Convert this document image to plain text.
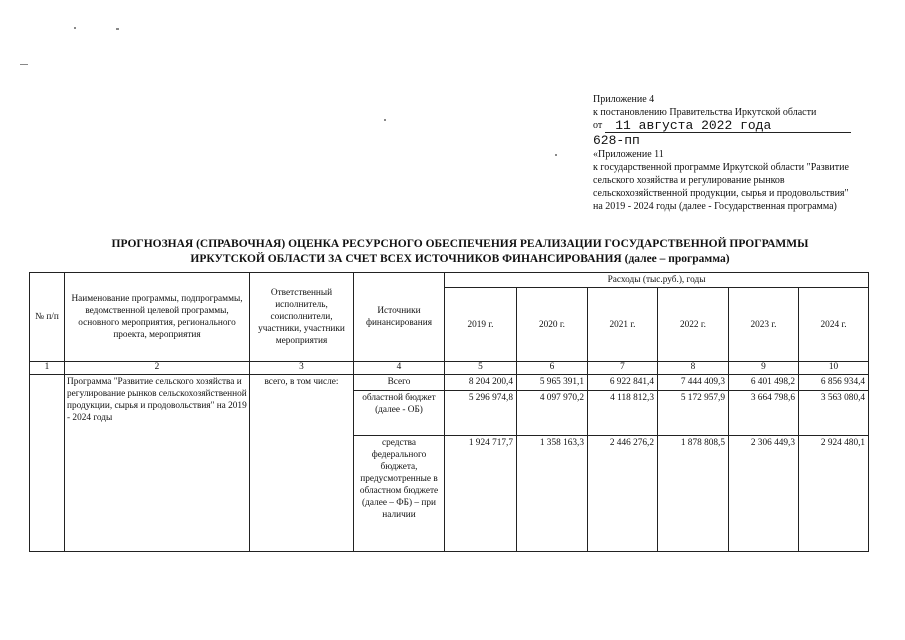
Приложение 4
к постановлению Правительства Иркутской области
от	11 августа 2022 года
628-пп
«Приложение 11
к государственной программе Иркутской области "Развитие сельского хозяйства и регулирование рынков сельскохозяйственной продукции, сырья и продовольствия" на 2019 - 2024 годы (далее - Государственная программа)
ПРОГНОЗНАЯ (СПРАВОЧНАЯ) ОЦЕНКА РЕСУРСНОГО ОБЕСПЕЧЕНИЯ РЕАЛИЗАЦИИ ГОСУДАРСТВЕННОЙ ПРОГРАММЫ
ИРКУТСКОЙ ОБЛАСТИ ЗА СЧЕТ ВСЕХ ИСТОЧНИКОВ ФИНАНСИРОВАНИЯ (далее – программа)
№ п/п	Наименование программы, подпрограммы, ведомственной целевой программы, основного мероприятия, регионального проекта, мероприятия	Ответственный исполнитель, соисполнители, участники, участники мероприятия	Источники финансирования	Расходы (тыс.руб.), годы					
				2019 г.	2020 г.	2021 г.	2022 г.	2023 г.	2024 г.
1	2	3	4	5	6	7	8	9	10
	Программа "Развитие сельского хозяйства и регулирование рынков сельскохозяйственной продукции, сырья и продовольствия" на 2019 - 2024 годы	всего, в том числе:	Всего	8 204 200,4	5 965 391,1	6 922 841,4	7 444 409,3	6 401 498,2	6 856 934,4
			областной бюджет (далее - ОБ)	5 296 974,8	4 097 970,2	4 118 812,3	5 172 957,9	3 664 798,6	3 563 080,4
			средства федерального бюджета, предусмотренные в областном бюджете (далее – ФБ) – при наличии	1 924 717,7	1 358 163,3	2 446 276,2	1 878 808,5	2 306 449,3	2 924 480,1
